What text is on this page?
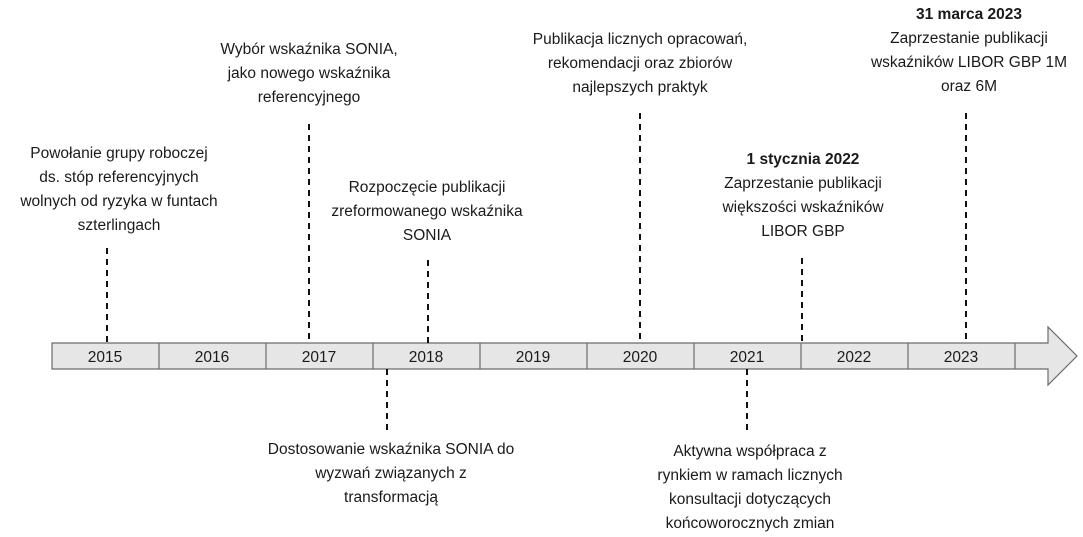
2015	2016	2017	2018	2019	2020	2021	2022	2023
Powołanie grupy roboczej
ds. stóp referencyjnych
wolnych od ryzyka w funtach
szterlingach
Wybór wskaźnika SONIA,
jako nowego wskaźnika
referencyjnego
Rozpoczęcie publikacji
zreformowanego wskaźnika
SONIA
Publikacja licznych opracowań,
rekomendacji oraz zbiorów
najlepszych praktyk
1 stycznia 2022
Zaprzestanie publikacji
większości wskaźników
LIBOR GBP
31 marca 2023
Zaprzestanie publikacji
wskaźników LIBOR GBP 1M
oraz 6M
Dostosowanie wskaźnika SONIA do
wyzwań związanych z
transformacją
Aktywna współpraca z
rynkiem w ramach licznych
konsultacji dotyczących
końcoworocznych zmian
